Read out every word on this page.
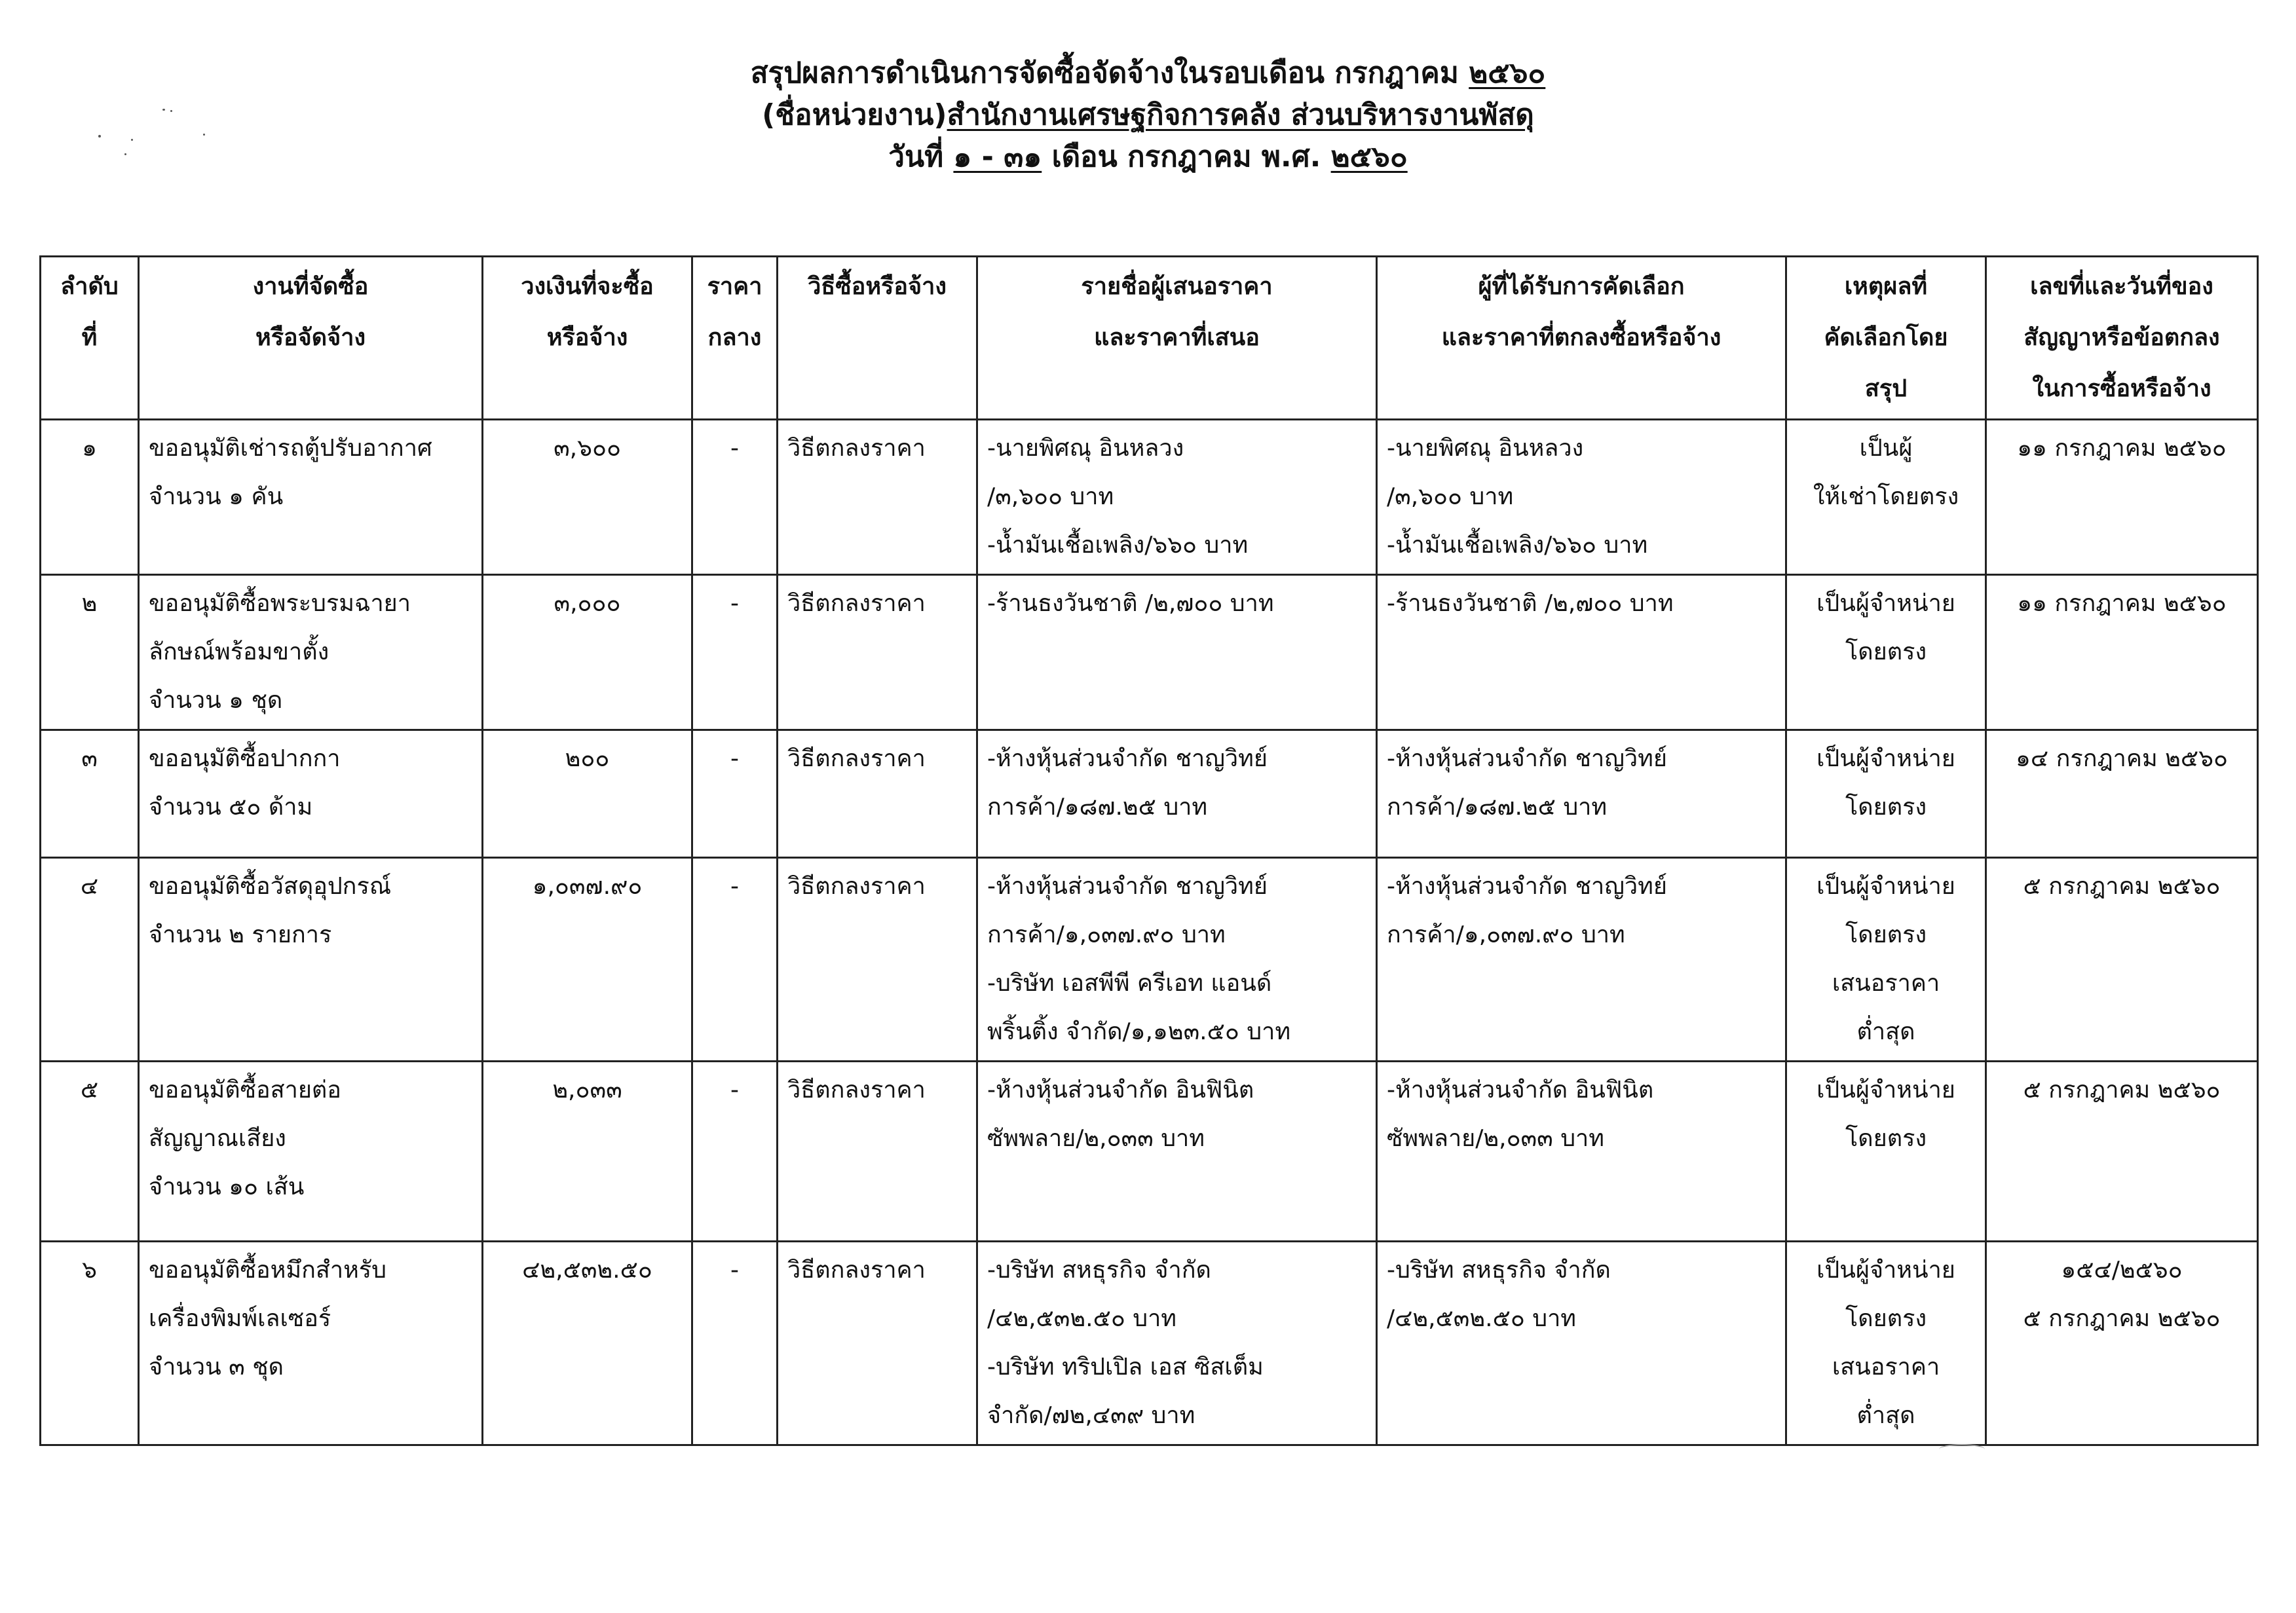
สรุปผลการดำเนินการจัดซื้อจัดจ้างในรอบเดือน กรกฎาคม ๒๕๖๐

(ชื่อหน่วยงาน)สำนักงานเศรษฐกิจการคลัง ส่วนบริหารงานพัสดุ

วันที่ ๑ - ๓๑ เดือน กรกฎาคม พ.ศ. ๒๕๖๐

ลำดับ
ที่	งานที่จัดซื้อ
หรือจัดจ้าง	วงเงินที่จะซื้อ
หรือจ้าง	ราคา
กลาง	วิธีซื้อหรือจ้าง	รายชื่อผู้เสนอราคา
และราคาที่เสนอ	ผู้ที่ได้รับการคัดเลือก
และราคาที่ตกลงซื้อหรือจ้าง	เหตุผลที่
คัดเลือกโดย
สรุป	เลขที่และวันที่ของ
สัญญาหรือข้อตกลง
ในการซื้อหรือจ้าง

๑	ขออนุมัติเช่ารถตู้ปรับอากาศ
จำนวน ๑ คัน	๓,๖๐๐	-	วิธีตกลงราคา	-นายพิศณุ อินหลวง
/๓,๖๐๐ บาท
-น้ำมันเชื้อเพลิง/๖๖๐ บาท	-นายพิศณุ อินหลวง
/๓,๖๐๐ บาท
-น้ำมันเชื้อเพลิง/๖๖๐ บาท	เป็นผู้
ให้เช่าโดยตรง	๑๑ กรกฎาคม ๒๕๖๐

๒	ขออนุมัติซื้อพระบรมฉายา
ลักษณ์พร้อมขาตั้ง
จำนวน ๑ ชุด	๓,๐๐๐	-	วิธีตกลงราคา	-ร้านธงวันชาติ /๒,๗๐๐ บาท	-ร้านธงวันชาติ /๒,๗๐๐ บาท	เป็นผู้จำหน่าย
โดยตรง	๑๑ กรกฎาคม ๒๕๖๐

๓	ขออนุมัติซื้อปากกา
จำนวน ๕๐ ด้าม	๒๐๐	-	วิธีตกลงราคา	-ห้างหุ้นส่วนจำกัด ชาญวิทย์
การค้า/๑๘๗.๒๕ บาท	-ห้างหุ้นส่วนจำกัด ชาญวิทย์
การค้า/๑๘๗.๒๕ บาท	เป็นผู้จำหน่าย
โดยตรง	๑๔ กรกฎาคม ๒๕๖๐

๔	ขออนุมัติซื้อวัสดุอุปกรณ์
จำนวน ๒ รายการ	๑,๐๓๗.๙๐	-	วิธีตกลงราคา	-ห้างหุ้นส่วนจำกัด ชาญวิทย์
การค้า/๑,๐๓๗.๙๐ บาท
-บริษัท เอสพีพี ครีเอท แอนด์
พริ้นติ้ง จำกัด/๑,๑๒๓.๕๐ บาท	-ห้างหุ้นส่วนจำกัด ชาญวิทย์
การค้า/๑,๐๓๗.๙๐ บาท	เป็นผู้จำหน่าย
โดยตรง
เสนอราคา
ต่ำสุด	๕ กรกฎาคม ๒๕๖๐

๕	ขออนุมัติซื้อสายต่อ
สัญญาณเสียง
จำนวน ๑๐ เส้น	๒,๐๓๓	-	วิธีตกลงราคา	-ห้างหุ้นส่วนจำกัด อินฟินิต
ซัพพลาย/๒,๐๓๓ บาท	-ห้างหุ้นส่วนจำกัด อินฟินิต
ซัพพลาย/๒,๐๓๓ บาท	เป็นผู้จำหน่าย
โดยตรง	๕ กรกฎาคม ๒๕๖๐

๖	ขออนุมัติซื้อหมึกสำหรับ
เครื่องพิมพ์เลเซอร์
จำนวน ๓ ชุด	๔๒,๕๓๒.๕๐	-	วิธีตกลงราคา	-บริษัท สหธุรกิจ จำกัด
/๔๒,๕๓๒.๕๐ บาท
-บริษัท ทริปเปิล เอส ซิสเต็ม
จำกัด/๗๒,๔๓๙ บาท	-บริษัท สหธุรกิจ จำกัด
/๔๒,๕๓๒.๕๐ บาท	เป็นผู้จำหน่าย
โดยตรง
เสนอราคา
ต่ำสุด	๑๕๔/๒๕๖๐
๕ กรกฎาคม ๒๕๖๐
